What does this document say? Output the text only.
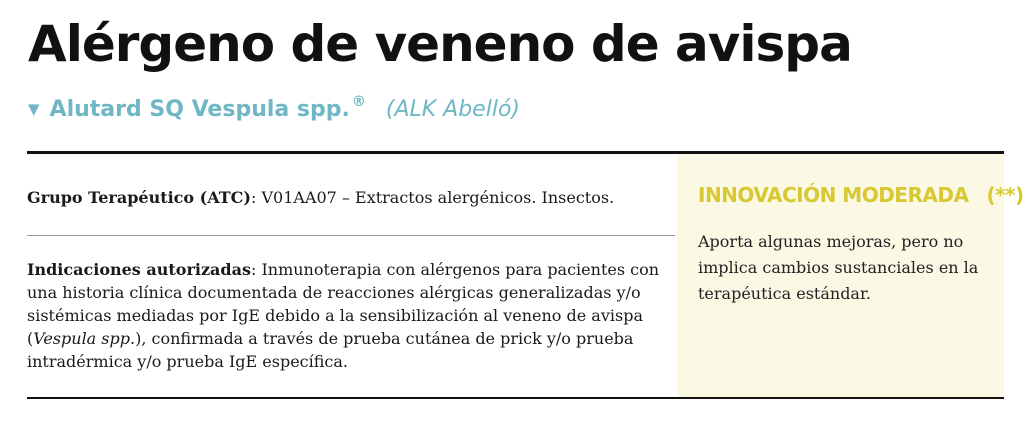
Alérgeno de veneno de avispa
▼ Alutard SQ Vespula spp. ® (ALK Abelló)
Grupo Terapéutico (ATC): V01AA07 – Extractos alergénicos. Insectos.
Indicaciones autorizadas: Inmunoterapia con alérgenos para pacientes con una historia clínica documentada de reacciones alérgicas generalizadas y/o sistémicas mediadas por IgE debido a la sensibilización al veneno de avispa (Vespula spp.), confirmada a través de prueba cutánea de prick y/o prueba intradérmica y/o prueba IgE específica.
INNOVACIÓN MODERADA (**)
Aporta algunas mejoras, pero no implica cambios sustanciales en la terapéutica estándar.
